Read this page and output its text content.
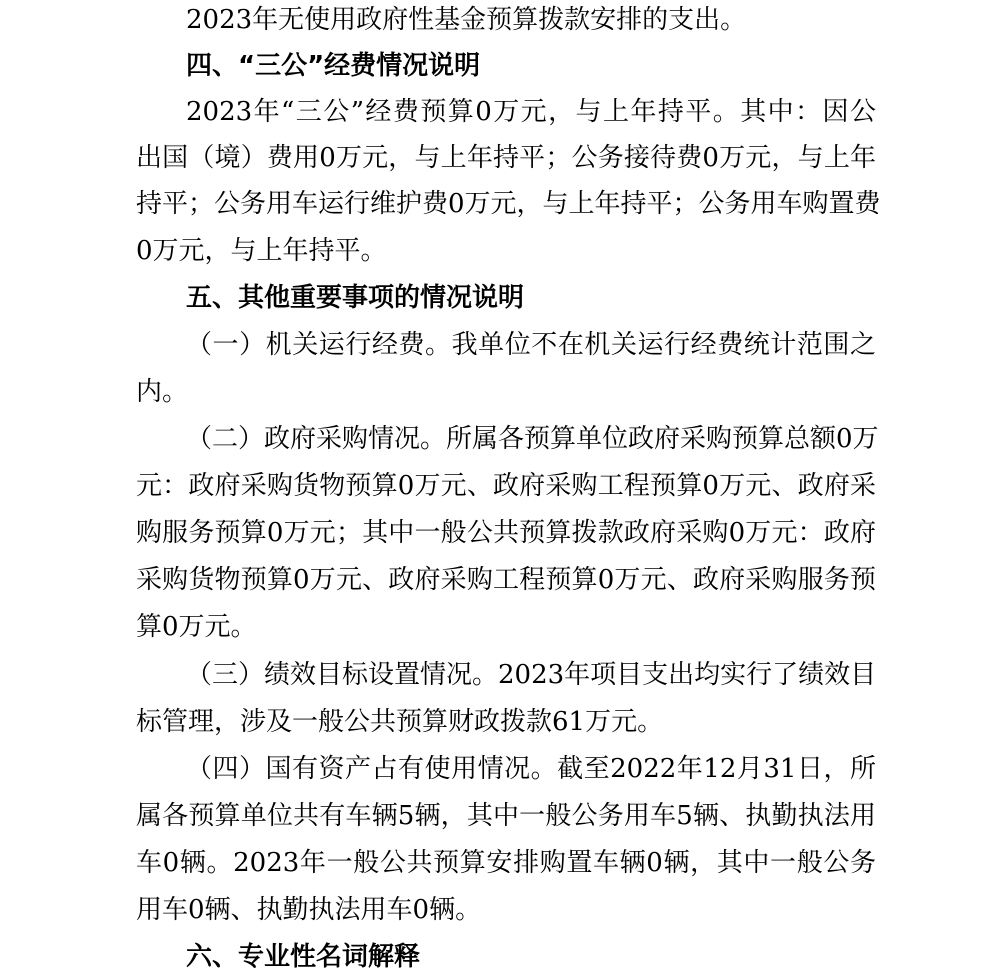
2023年无使用政府性基金预算拨款安排的支出。
四、“三公”经费情况说明
2023年“三公”经费预算0万元，与上年持平。其中：因公
出国（境）费用0万元，与上年持平；公务接待费0万元，与上年
持平；公务用车运行维护费0万元，与上年持平；公务用车购置费
0万元，与上年持平。
五、其他重要事项的情况说明
（一）机关运行经费。我单位不在机关运行经费统计范围之
内。
（二）政府采购情况。所属各预算单位政府采购预算总额0万
元：政府采购货物预算0万元、政府采购工程预算0万元、政府采
购服务预算0万元；其中一般公共预算拨款政府采购0万元：政府
采购货物预算0万元、政府采购工程预算0万元、政府采购服务预
算0万元。
（三）绩效目标设置情况。2023年项目支出均实行了绩效目
标管理，涉及一般公共预算财政拨款61万元。
（四）国有资产占有使用情况。截至2022年12月31日，所
属各预算单位共有车辆5辆，其中一般公务用车5辆、执勤执法用
车0辆。2023年一般公共预算安排购置车辆0辆，其中一般公务
用车0辆、执勤执法用车0辆。
六、专业性名词解释
